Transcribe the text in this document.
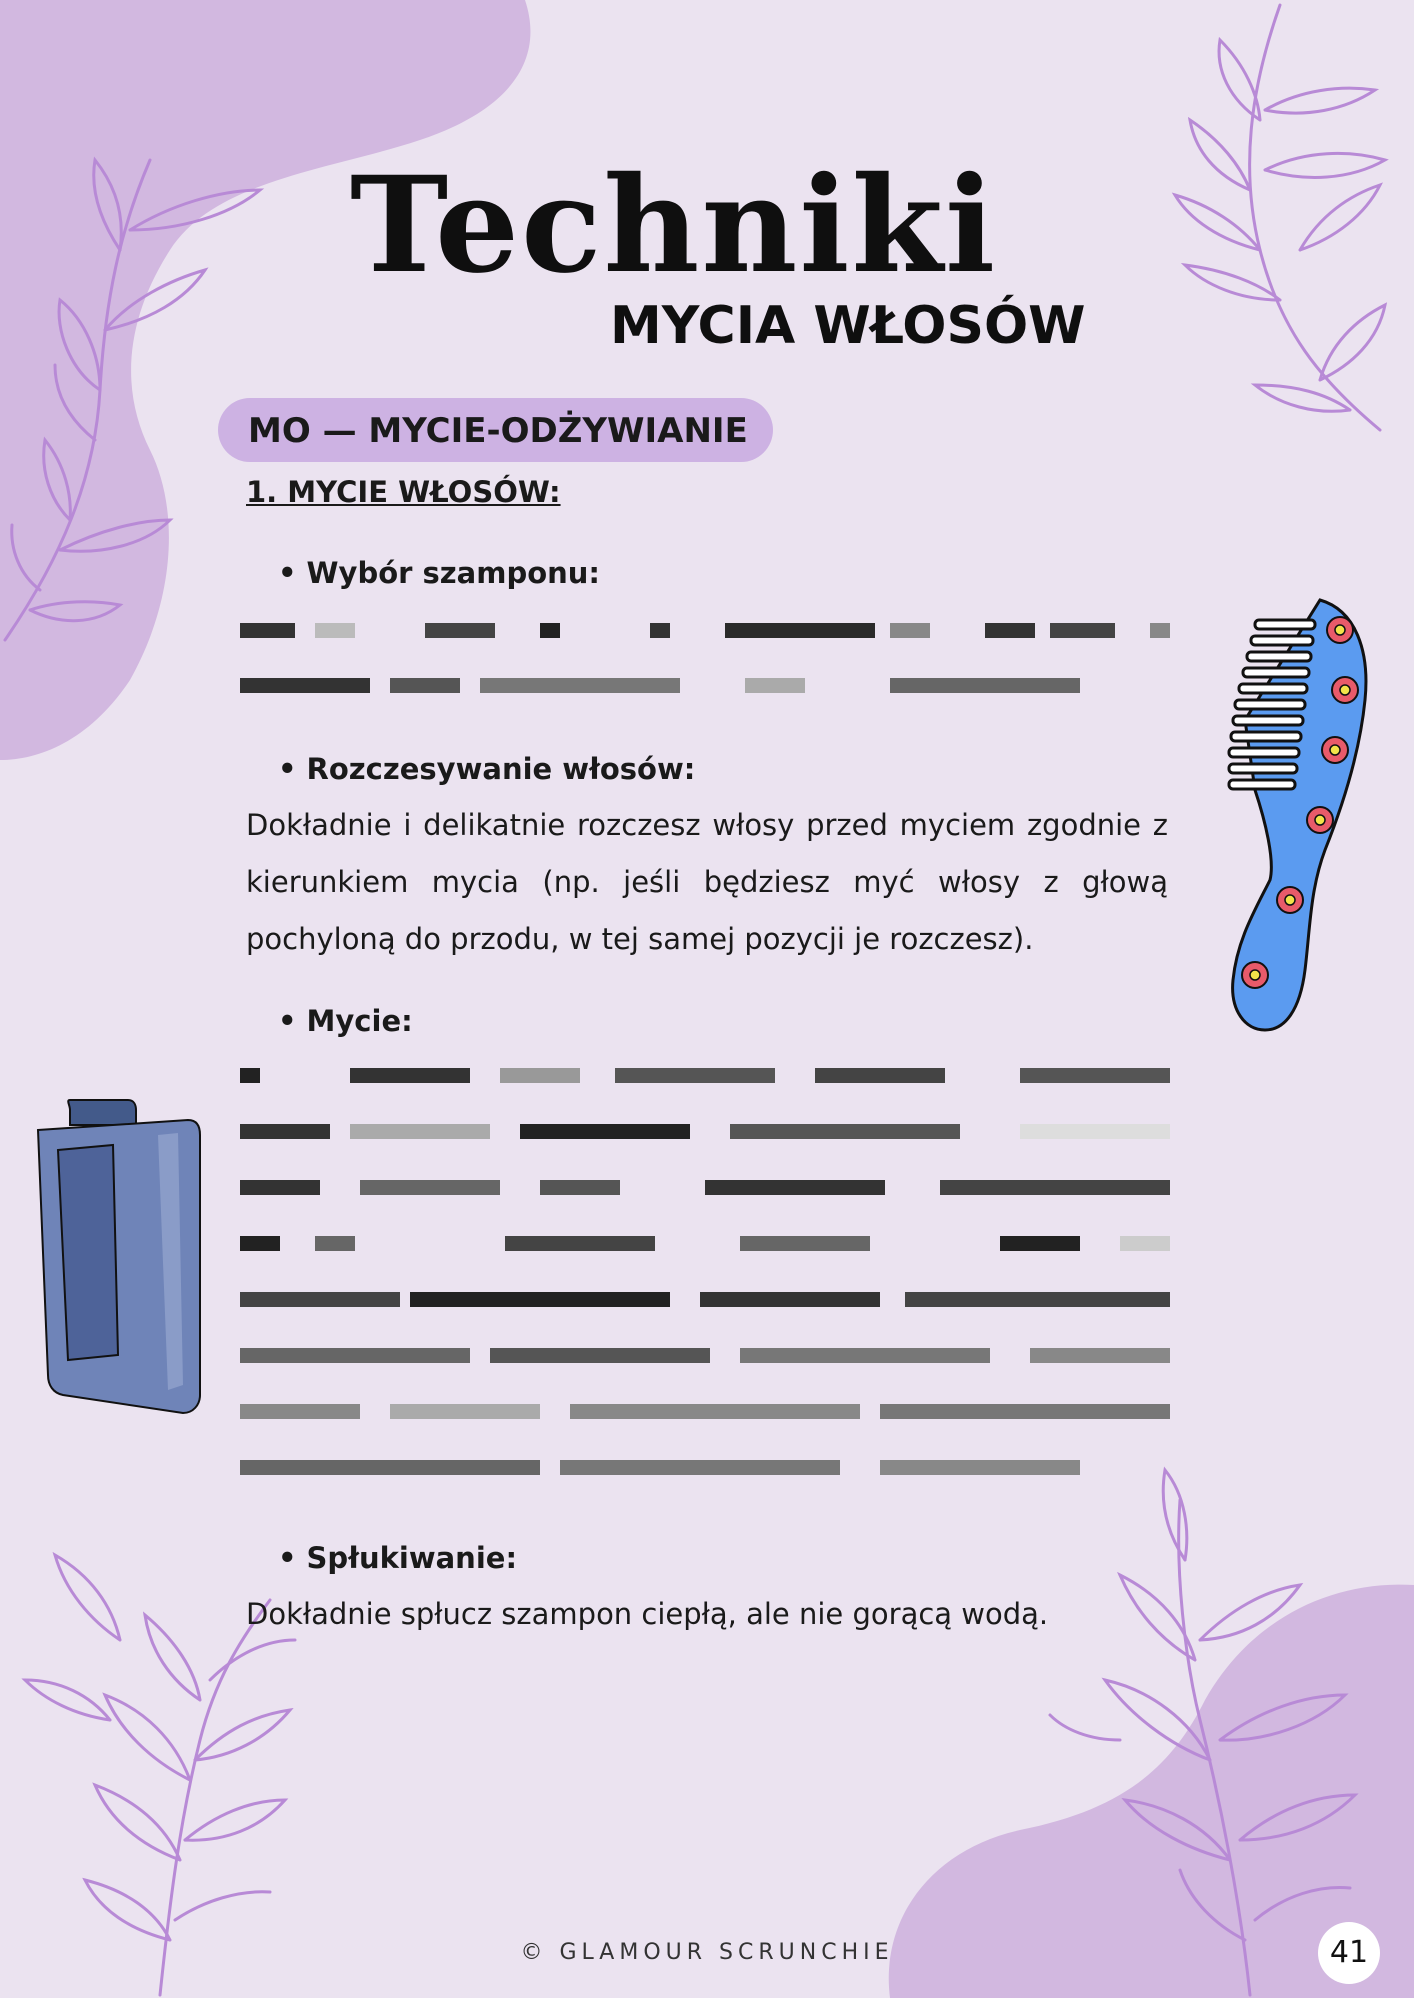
Techniki
MYCIA WŁOSÓW
MO — MYCIE-ODŻYWIANIE
1. MYCIE WŁOSÓW:
• Wybór szamponu:
• Rozczesywanie włosów:
Dokładnie i delikatnie rozczesz włosy przed myciem zgodnie z kierunkiem mycia (np. jeśli będziesz myć włosy z głową pochyloną do przodu, w tej samej pozycji je rozczesz).
• Mycie:
• Spłukiwanie:
Dokładnie spłucz szampon ciepłą, ale nie gorącą wodą.
© GLAMOUR SCRUNCHIE	41
